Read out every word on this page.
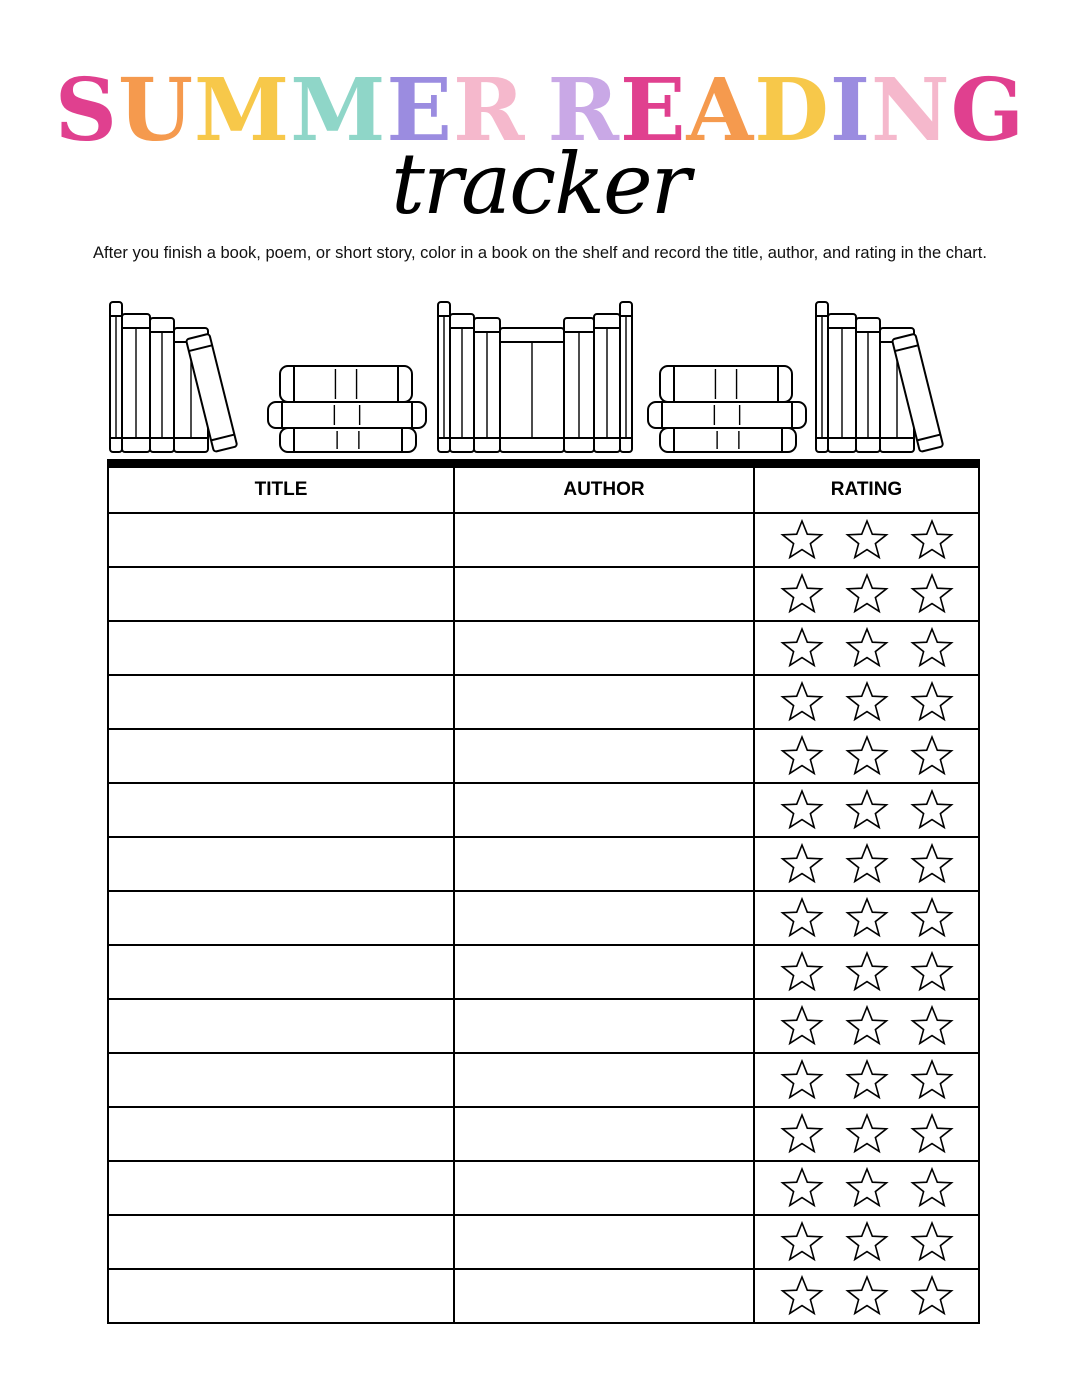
SUMMER READING
tracker
After you finish a book, poem, or short story, color in a book on the shelf and record the title, author, and rating in the chart.
TITLE	AUTHOR	RATING
